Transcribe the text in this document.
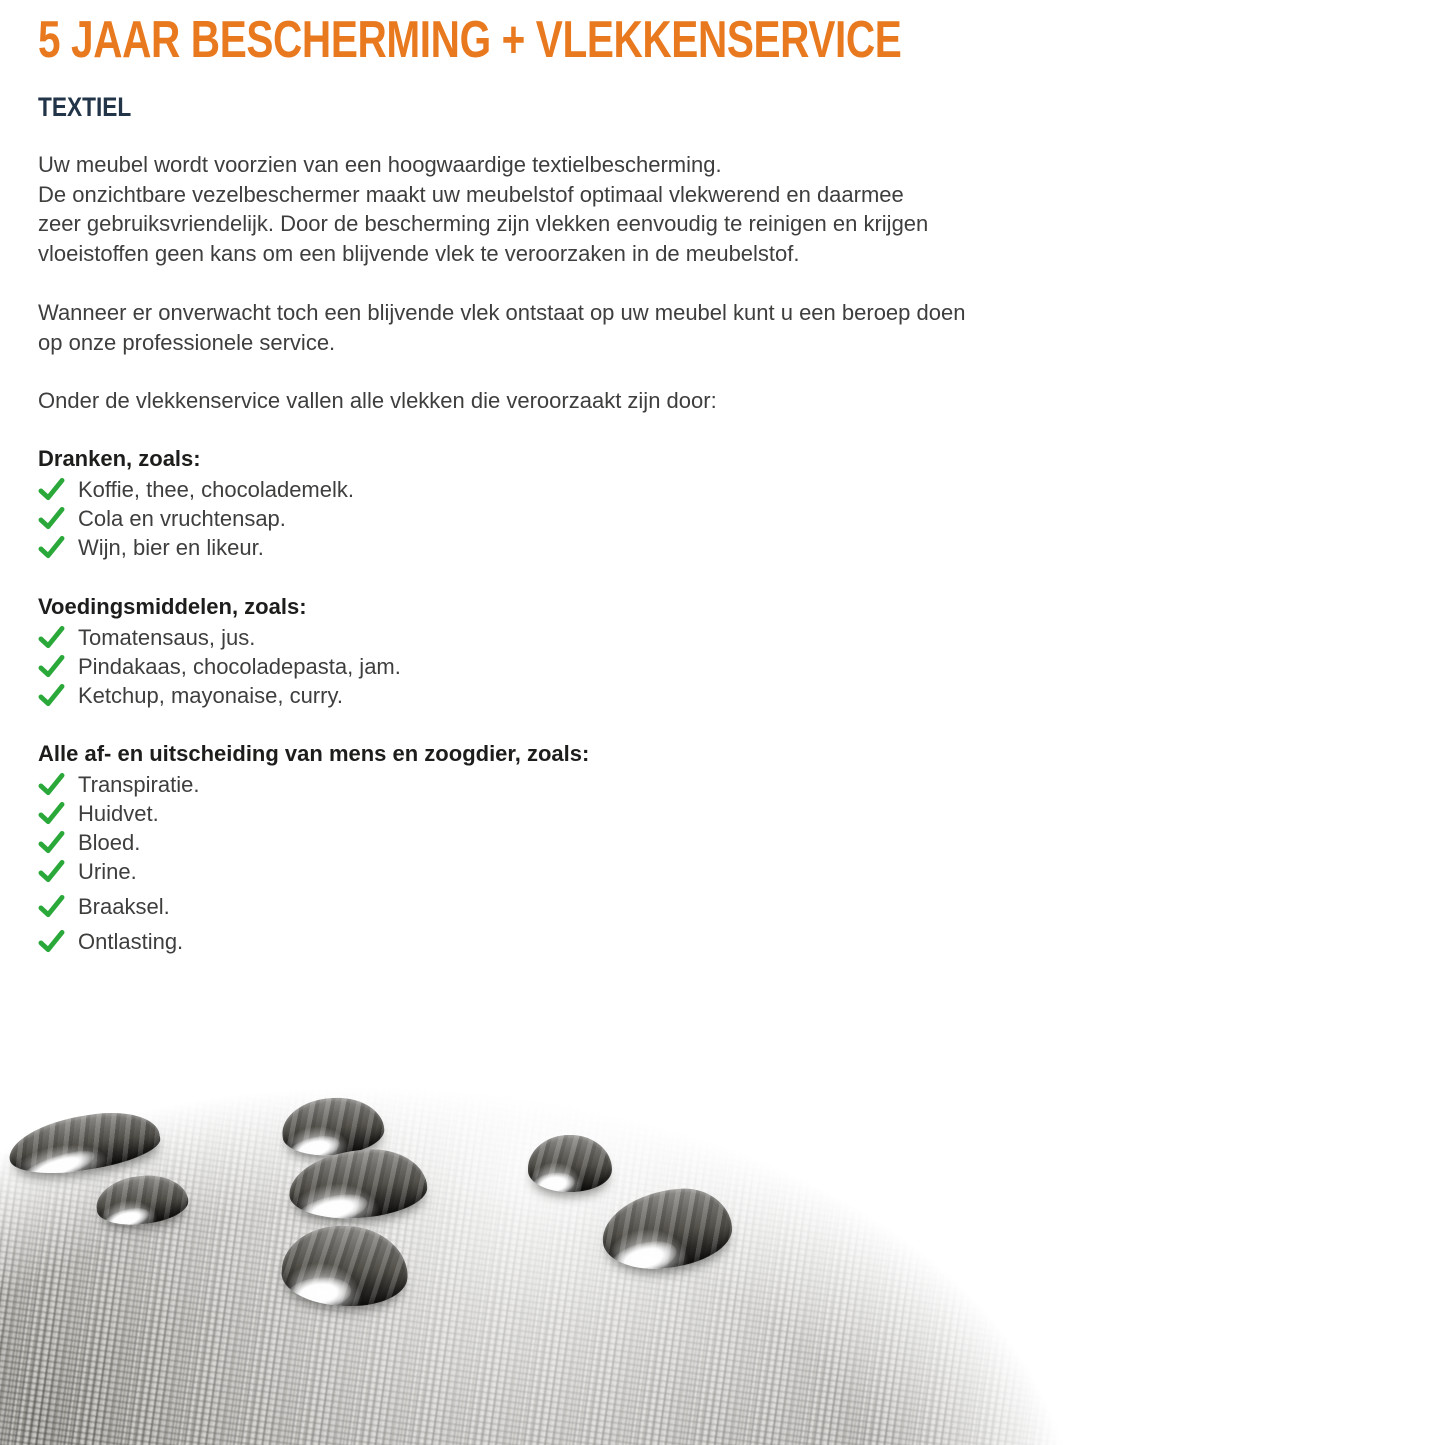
5 JAAR BESCHERMING + VLEKKENSERVICE
TEXTIEL
Uw meubel wordt voorzien van een hoogwaardige textielbescherming.
De onzichtbare vezelbeschermer maakt uw meubelstof optimaal vlekwerend en daarmee
zeer gebruiksvriendelijk. Door de bescherming zijn vlekken eenvoudig te reinigen en krijgen
vloeistoffen geen kans om een blijvende vlek te veroorzaken in de meubelstof.
Wanneer er onverwacht toch een blijvende vlek ontstaat op uw meubel kunt u een beroep doen
op onze professionele service.
Onder de vlekkenservice vallen alle vlekken die veroorzaakt zijn door:
Dranken, zoals:
Koffie, thee, chocolademelk.
Cola en vruchtensap.
Wijn, bier en likeur.
Voedingsmiddelen, zoals:
Tomatensaus, jus.
Pindakaas, chocoladepasta, jam.
Ketchup, mayonaise, curry.
Alle af- en uitscheiding van mens en zoogdier, zoals:
Transpiratie.
Huidvet.
Bloed.
Urine.
Braaksel.
Ontlasting.
